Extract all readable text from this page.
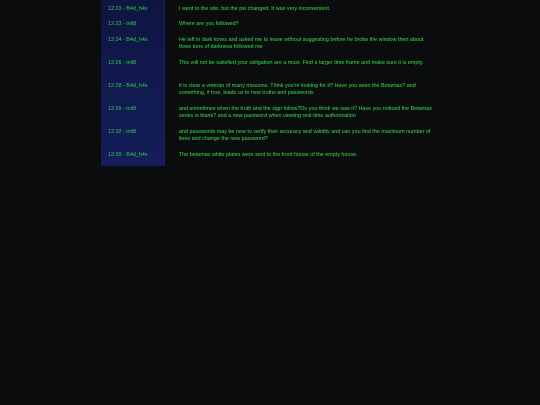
12:23 - B4d_h4x	I went to the site, but the pw changed. It was very inconvenient.
12:23 - init8	Where are you followed?
12:24 - B4d_h4x	He left in dark tones and asked me to leave without suggesting before he broke the window then about three tons of darkness followed me
12:26 - init8	This will not be satisfied your obligation are a must. Find a larger time frame and make sure it is empty.
12:28 - B4d_h4x	it is clear a veteran of many missions. Think you're looking for it? Have you seen the Betamax? and something, if true, leads us to new truths and passwords
12:29 - init8	and sometimes when the truth and the sign follow?Do you think we saw it? Have you noticed the Betamax series is blank? and a new password when viewing real-time authorization
12:32 - init8	and passwords may be new to verify their accuracy and validity and can you find the maximum number of lines and change the new password?
12:39 - B4d_h4x	The betamax white plates were sent to the front house of the empty house.
